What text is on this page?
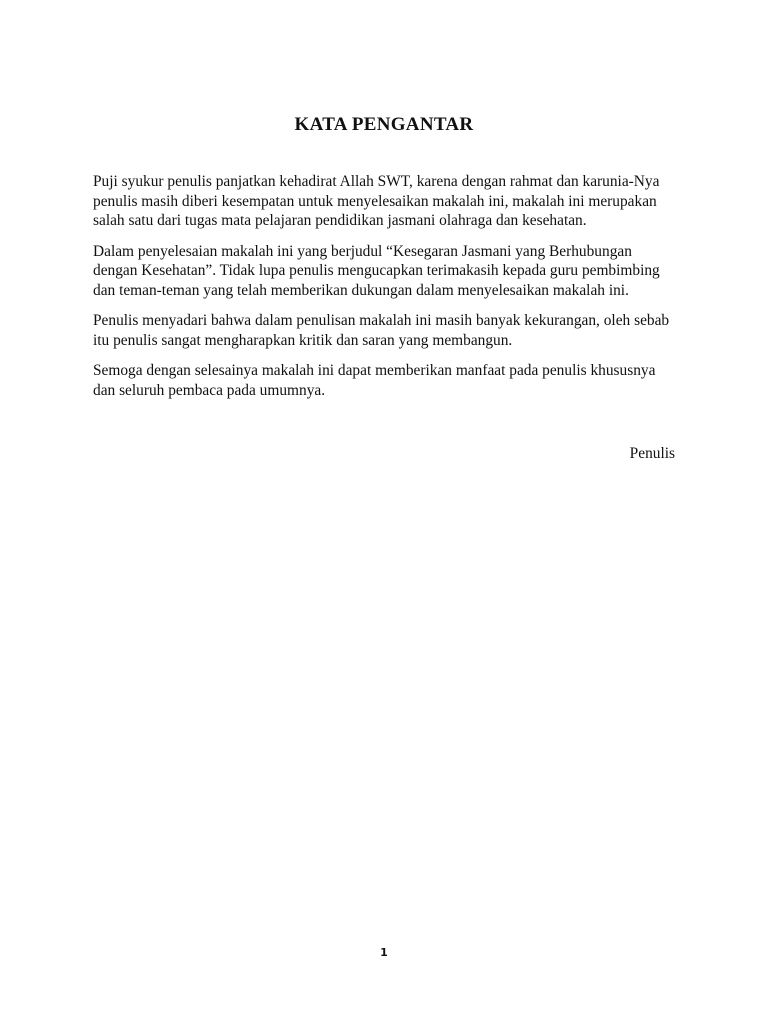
KATA PENGANTAR

Puji syukur penulis panjatkan kehadirat Allah SWT, karena dengan rahmat dan karunia-Nya
penulis masih diberi kesempatan untuk menyelesaikan makalah ini, makalah ini merupakan
salah satu dari tugas mata pelajaran pendidikan jasmani olahraga dan kesehatan.

Dalam penyelesaian makalah ini yang berjudul “Kesegaran Jasmani yang Berhubungan
dengan Kesehatan”. Tidak lupa penulis mengucapkan terimakasih kepada guru pembimbing
dan teman-teman yang telah memberikan dukungan dalam menyelesaikan makalah ini.

Penulis menyadari bahwa dalam penulisan makalah ini masih banyak kekurangan, oleh sebab
itu penulis sangat mengharapkan kritik dan saran yang membangun.

Semoga dengan selesainya makalah ini dapat memberikan manfaat pada penulis khususnya
dan seluruh pembaca pada umumnya.

Penulis

1
